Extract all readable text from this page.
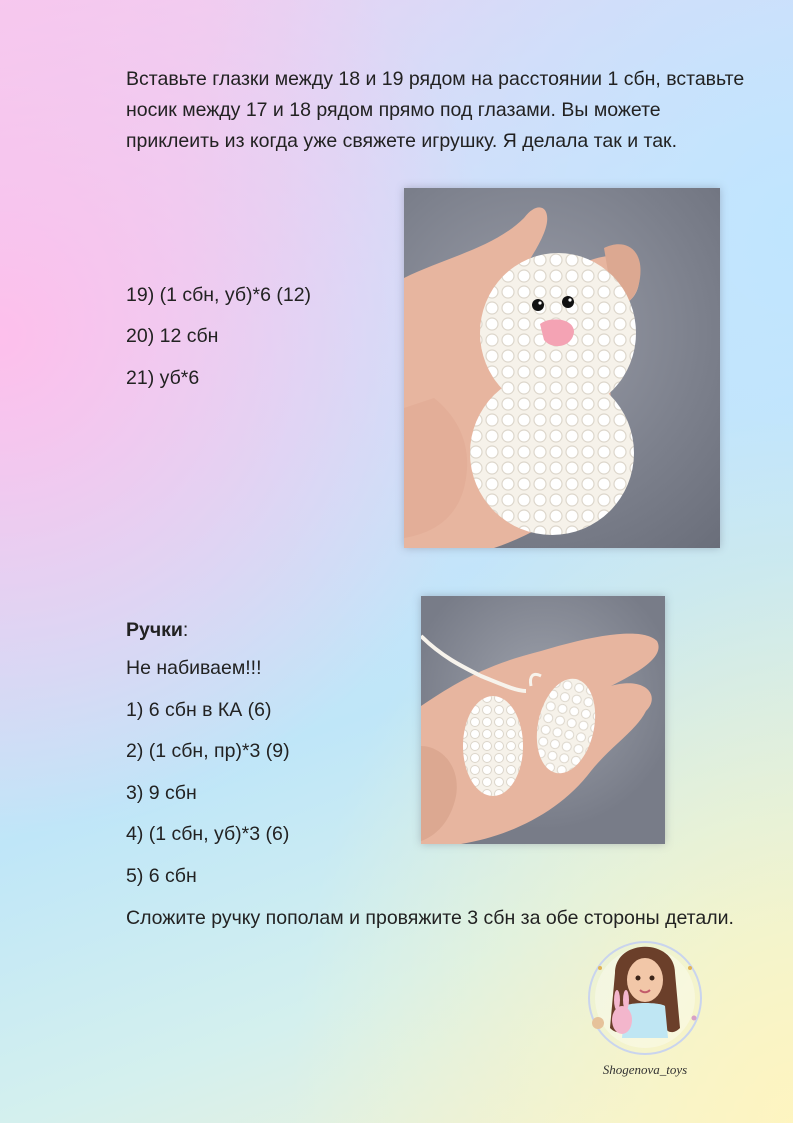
Вставьте глазки между 18 и 19 рядом на расстоянии 1 сбн, вставьте носик между 17 и 18 рядом прямо под глазами. Вы можете приклеить из когда уже свяжете игрушку. Я делала так и так.
19) (1 сбн, уб)*6 (12)
20) 12 сбн
21) уб*6
Ручки:
Не набиваем!!!
1) 6 сбн в КА (6)
2) (1 сбн, пр)*3 (9)
3) 9 сбн
4) (1 сбн, уб)*3 (6)
5) 6 сбн
Сложите ручку пополам и провяжите 3 сбн за обе стороны детали.
Shogenova_toys
